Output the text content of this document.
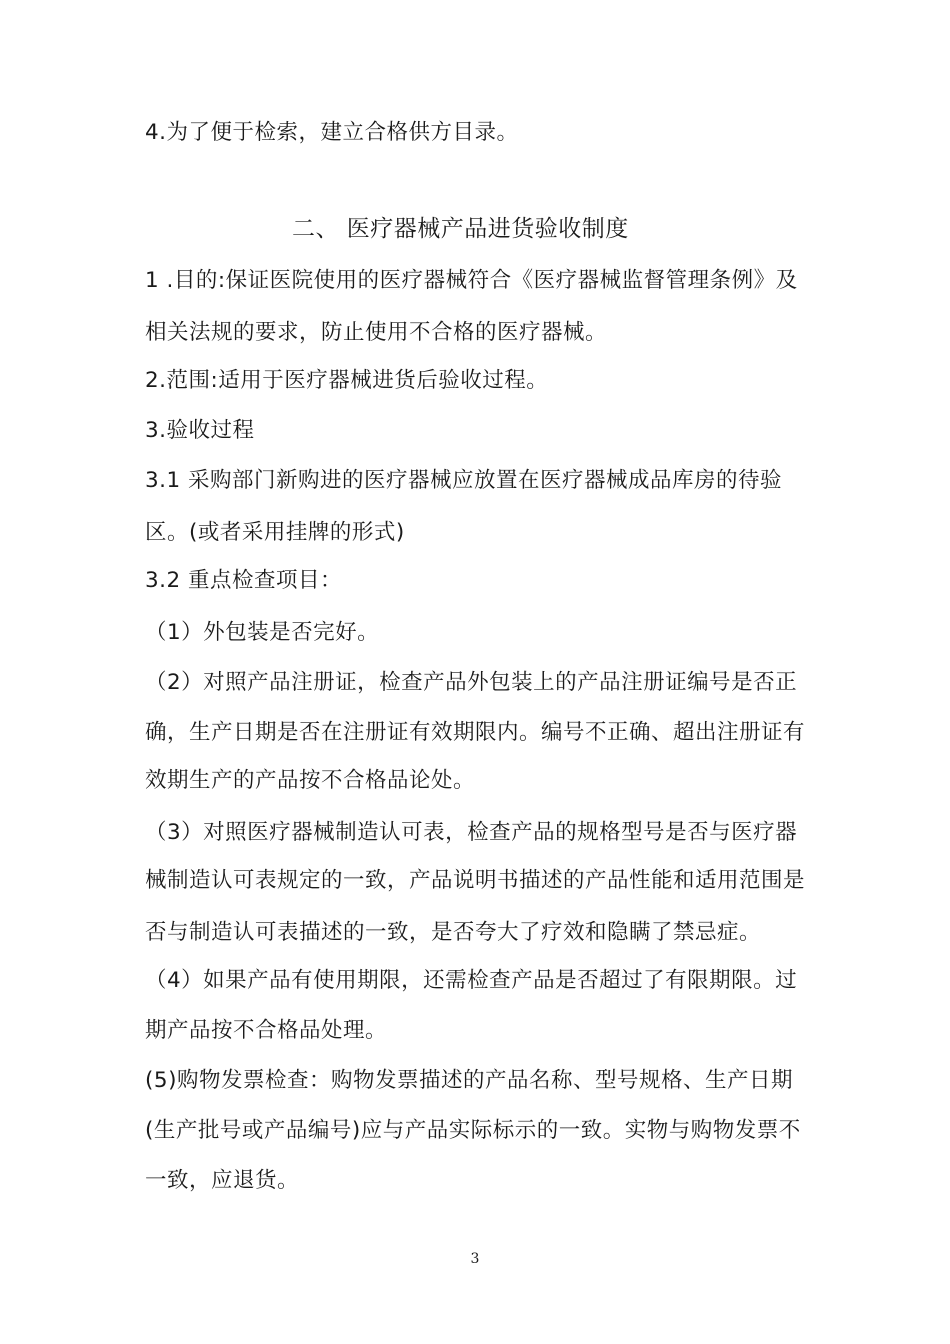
4.为了便于检索，建立合格供方目录。
二、 医疗器械产品进货验收制度
1 .目的:保证医院使用的医疗器械符合《医疗器械监督管理条例》及
相关法规的要求，防止使用不合格的医疗器械。
2.范围:适用于医疗器械进货后验收过程。
3.验收过程
3.1 采购部门新购进的医疗器械应放置在医疗器械成品库房的待验
区。(或者采用挂牌的形式)
3.2 重点检查项目：
（1）外包装是否完好。
（2）对照产品注册证，检查产品外包装上的产品注册证编号是否正
确，生产日期是否在注册证有效期限内。编号不正确、超出注册证有
效期生产的产品按不合格品论处。
（3）对照医疗器械制造认可表，检查产品的规格型号是否与医疗器
械制造认可表规定的一致，产品说明书描述的产品性能和适用范围是
否与制造认可表描述的一致，是否夸大了疗效和隐瞒了禁忌症。
（4）如果产品有使用期限，还需检查产品是否超过了有限期限。过
期产品按不合格品处理。
(5)购物发票检查：购物发票描述的产品名称、型号规格、生产日期
(生产批号或产品编号)应与产品实际标示的一致。实物与购物发票不
一致，应退货。
3
